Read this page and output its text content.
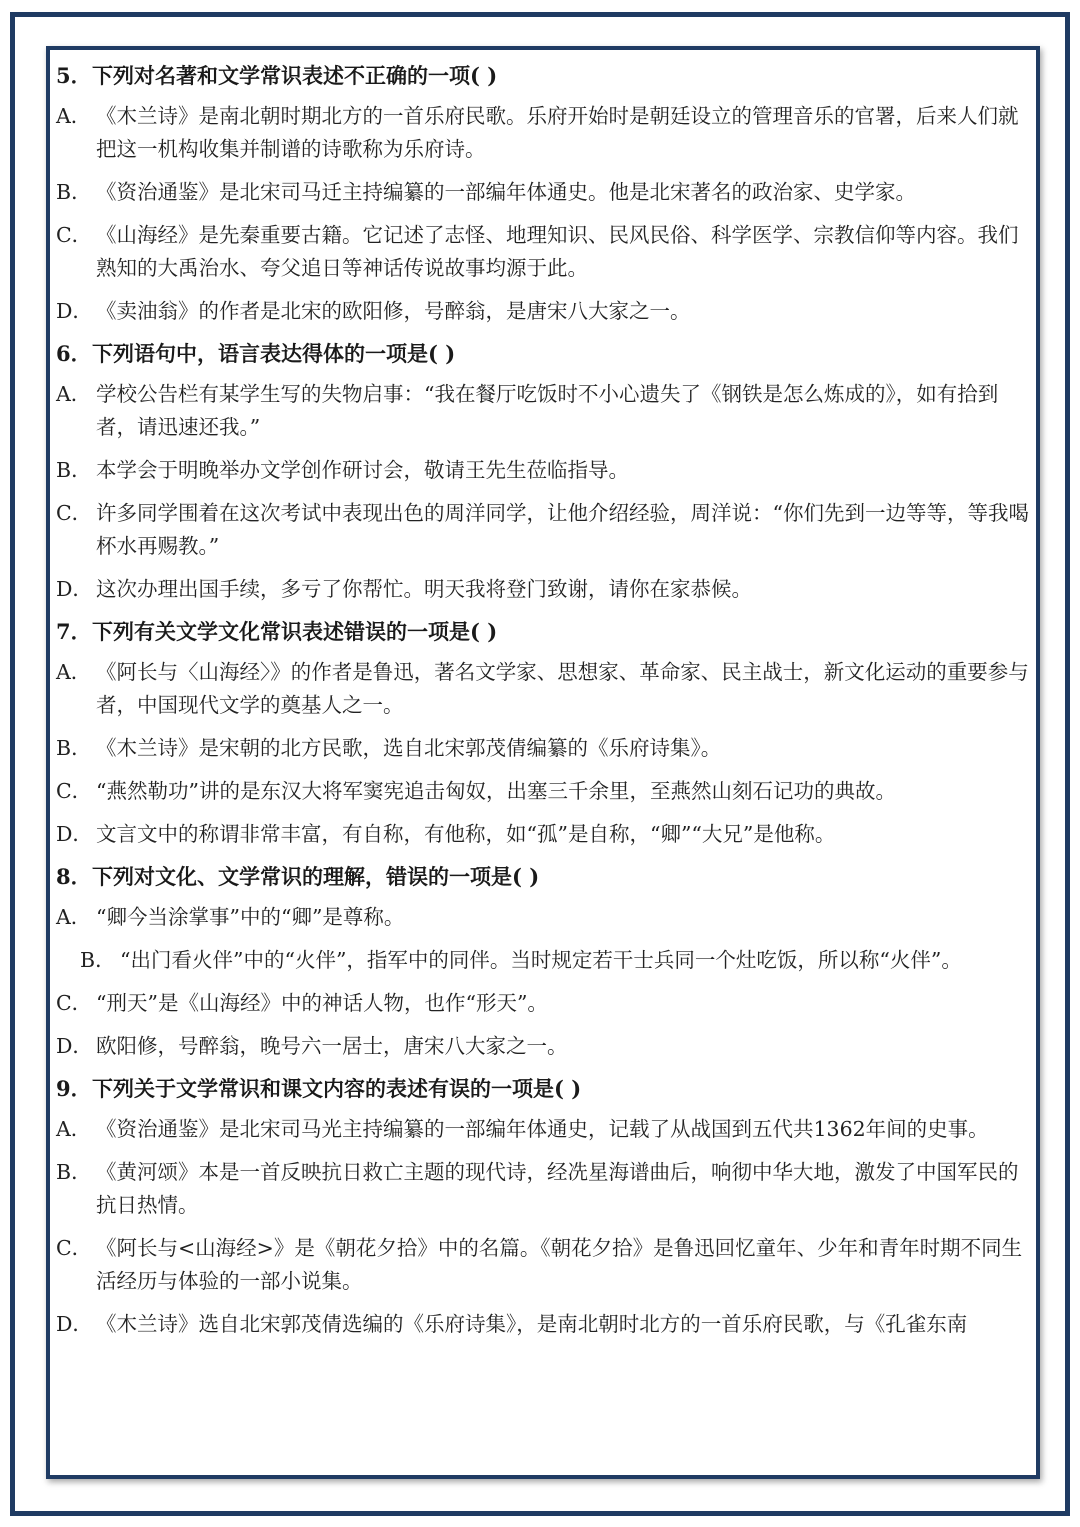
5．下列对名著和文学常识表述不正确的一项( )
A． 《木兰诗》是南北朝时期北方的一首乐府民歌。乐府开始时是朝廷设立的管理音乐的官署，后来人们就把这一机构收集并制谱的诗歌称为乐府诗。
B． 《资治通鉴》是北宋司马迁主持编纂的一部编年体通史。他是北宋著名的政治家、史学家。
C． 《山海经》是先秦重要古籍。它记述了志怪、地理知识、民风民俗、科学医学、宗教信仰等内容。我们熟知的大禹治水、夸父追日等神话传说故事均源于此。
D． 《卖油翁》的作者是北宋的欧阳修，号醉翁，是唐宋八大家之一。
6．下列语句中，语言表达得体的一项是( )
A． 学校公告栏有某学生写的失物启事：“我在餐厅吃饭时不小心遗失了《钢铁是怎么炼成的》，如有拾到者，请迅速还我。”
B． 本学会于明晚举办文学创作研讨会，敬请王先生莅临指导。
C． 许多同学围着在这次考试中表现出色的周洋同学，让他介绍经验，周洋说：“你们先到一边等等，等我喝杯水再赐教。”
D． 这次办理出国手续，多亏了你帮忙。明天我将登门致谢，请你在家恭候。
7．下列有关文学文化常识表述错误的一项是( )
A． 《阿长与〈山海经〉》的作者是鲁迅，著名文学家、思想家、革命家、民主战士，新文化运动的重要参与者，中国现代文学的奠基人之一。
B． 《木兰诗》是宋朝的北方民歌，选自北宋郭茂倩编纂的《乐府诗集》。
C． “燕然勒功”讲的是东汉大将军窦宪追击匈奴，出塞三千余里，至燕然山刻石记功的典故。
D． 文言文中的称谓非常丰富，有自称，有他称，如“孤”是自称，“卿”“大兄”是他称。
8．下列对文化、文学常识的理解，错误的一项是( )
A． “卿今当涂掌事”中的“卿”是尊称。
B． “出门看火伴”中的“火伴”，指军中的同伴。当时规定若干士兵同一个灶吃饭，所以称“火伴”。
C． “刑天”是《山海经》中的神话人物，也作“形天”。
D． 欧阳修，号醉翁，晚号六一居士，唐宋八大家之一。
9．下列关于文学常识和课文内容的表述有误的一项是( )
A． 《资治通鉴》是北宋司马光主持编纂的一部编年体通史，记载了从战国到五代共1362年间的史事。
B． 《黄河颂》本是一首反映抗日救亡主题的现代诗，经冼星海谱曲后，响彻中华大地，激发了中国军民的抗日热情。
C． 《阿长与<山海经>》是《朝花夕拾》中的名篇。《朝花夕拾》是鲁迅回忆童年、少年和青年时期不同生活经历与体验的一部小说集。
D． 《木兰诗》选自北宋郭茂倩选编的《乐府诗集》，是南北朝时北方的一首乐府民歌，与《孔雀东南
